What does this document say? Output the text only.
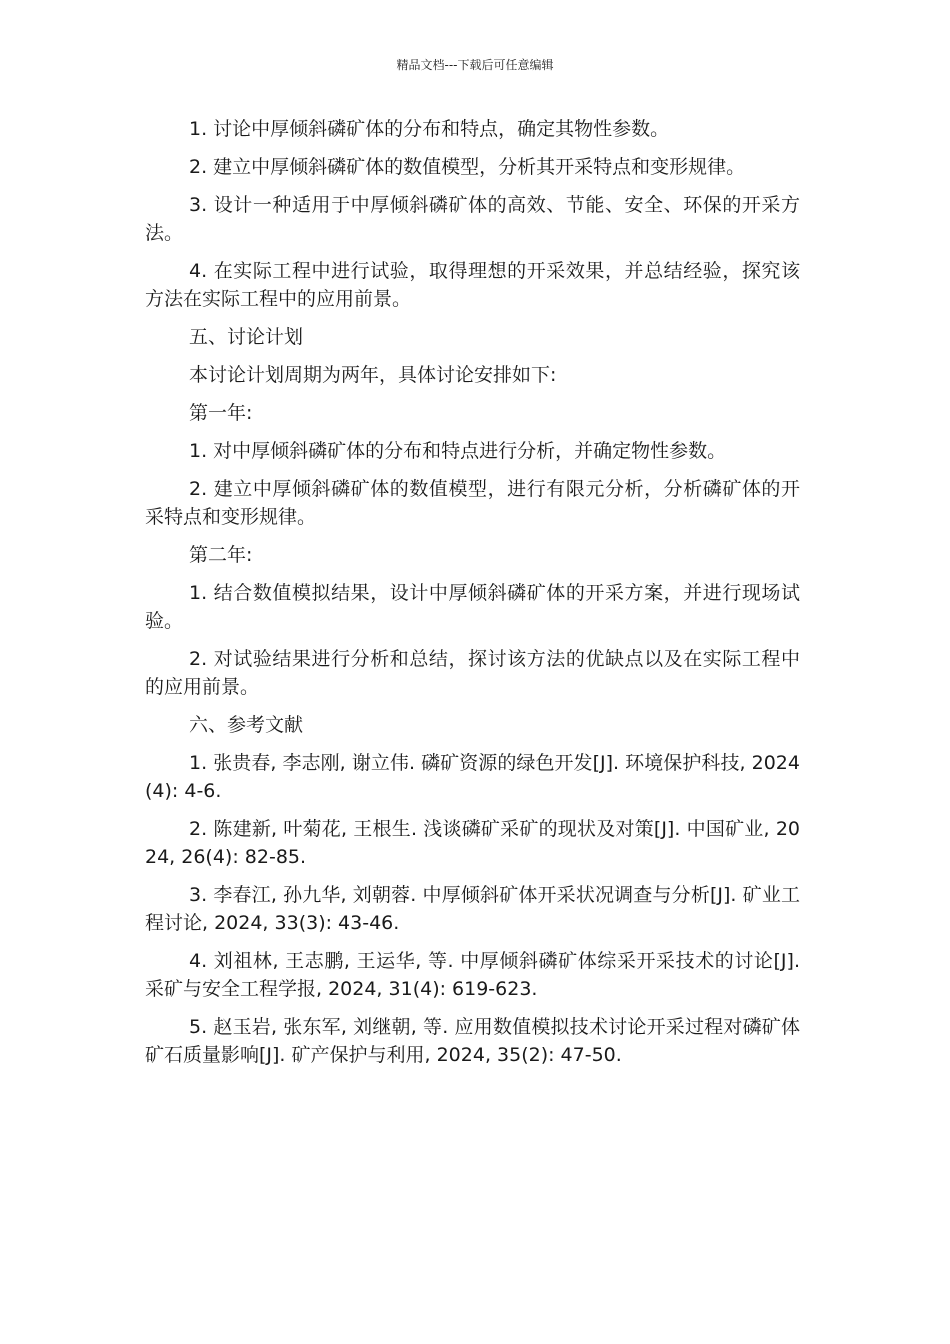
精品文档---下载后可任意编辑

1. 讨论中厚倾斜磷矿体的分布和特点，确定其物性参数。

2. 建立中厚倾斜磷矿体的数值模型，分析其开采特点和变形规律。

3. 设计一种适用于中厚倾斜磷矿体的高效、节能、安全、环保的开采方法。

4. 在实际工程中进行试验，取得理想的开采效果，并总结经验，探究该方法在实际工程中的应用前景。

五、讨论计划

本讨论计划周期为两年，具体讨论安排如下:

第一年:

1. 对中厚倾斜磷矿体的分布和特点进行分析，并确定物性参数。

2. 建立中厚倾斜磷矿体的数值模型，进行有限元分析，分析磷矿体的开采特点和变形规律。

第二年:

1. 结合数值模拟结果，设计中厚倾斜磷矿体的开采方案，并进行现场试验。

2. 对试验结果进行分析和总结，探讨该方法的优缺点以及在实际工程中的应用前景。

六、参考文献

1. 张贵春, 李志刚, 谢立伟. 磷矿资源的绿色开发[J]. 环境保护科技, 2024(4): 4-6.

2. 陈建新, 叶菊花, 王根生. 浅谈磷矿采矿的现状及对策[J]. 中国矿业, 2024, 26(4): 82-85.

3. 李春江, 孙九华, 刘朝蓉. 中厚倾斜矿体开采状况调查与分析[J]. 矿业工程讨论, 2024, 33(3): 43-46.

4. 刘祖林, 王志鹏, 王运华, 等. 中厚倾斜磷矿体综采开采技术的讨论[J]. 采矿与安全工程学报, 2024, 31(4): 619-623.

5. 赵玉岩, 张东军, 刘继朝, 等. 应用数值模拟技术讨论开采过程对磷矿体矿石质量影响[J]. 矿产保护与利用, 2024, 35(2): 47-50.
